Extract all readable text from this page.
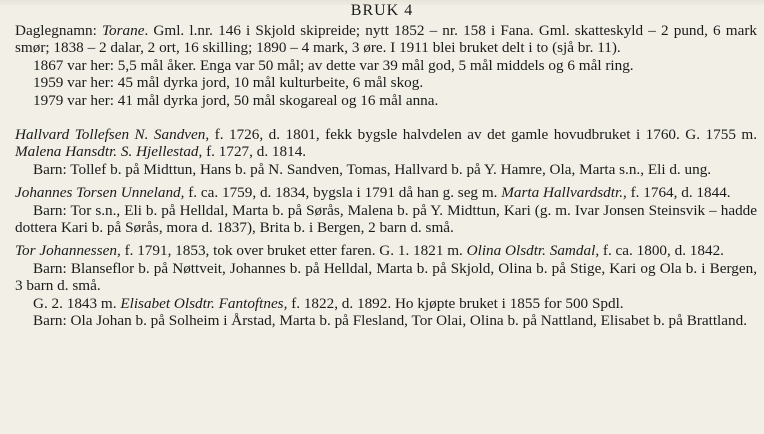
BRUK 4

Daglegnamn: Torane. Gml. l.nr. 146 i Skjold skipreide; nytt 1852 – nr. 158 i Fana. Gml. skatteskyld – 2 pund, 6 mark smør; 1838 – 2 dalar, 2 ort, 16 skilling; 1890 – 4 mark, 3 øre. I 1911 blei bruket delt i to (sjå br. 11).

1867 var her: 5,5 mål åker. Enga var 50 mål; av dette var 39 mål god, 5 mål middels og 6 mål ring.

1959 var her: 45 mål dyrka jord, 10 mål kulturbeite, 6 mål skog.

1979 var her: 41 mål dyrka jord, 50 mål skogareal og 16 mål anna.

Hallvard Tollefsen N. Sandven, f. 1726, d. 1801, fekk bygsle halvdelen av det gamle hovudbruket i 1760. G. 1755 m. Malena Hansdtr. S. Hjellestad, f. 1727, d. 1814.

Barn: Tollef b. på Midttun, Hans b. på N. Sandven, Tomas, Hallvard b. på Y. Hamre, Ola, Marta s.n., Eli d. ung.

Johannes Torsen Unneland, f. ca. 1759, d. 1834, bygsla i 1791 då han g. seg m. Marta Hallvardsdtr., f. 1764, d. 1844.

Barn: Tor s.n., Eli b. på Helldal, Marta b. på Sørås, Malena b. på Y. Midttun, Kari (g. m. Ivar Jonsen Steinsvik – hadde dottera Kari b. på Sørås, mora d. 1837), Brita b. i Bergen, 2 barn d. små.

Tor Johannessen, f. 1791, 1853, tok over bruket etter faren. G. 1. 1821 m. Olina Olsdtr. Samdal, f. ca. 1800, d. 1842.

Barn: Blanseflor b. på Nøttveit, Johannes b. på Helldal, Marta b. på Skjold, Olina b. på Stige, Kari og Ola b. i Bergen, 3 barn d. små.

G. 2. 1843 m. Elisabet Olsdtr. Fantoftnes, f. 1822, d. 1892. Ho kjøpte bruket i 1855 for 500 Spdl.

Barn: Ola Johan b. på Solheim i Årstad, Marta b. på Flesland, Tor Olai, Olina b. på Nattland, Elisabet b. på Brattland.
